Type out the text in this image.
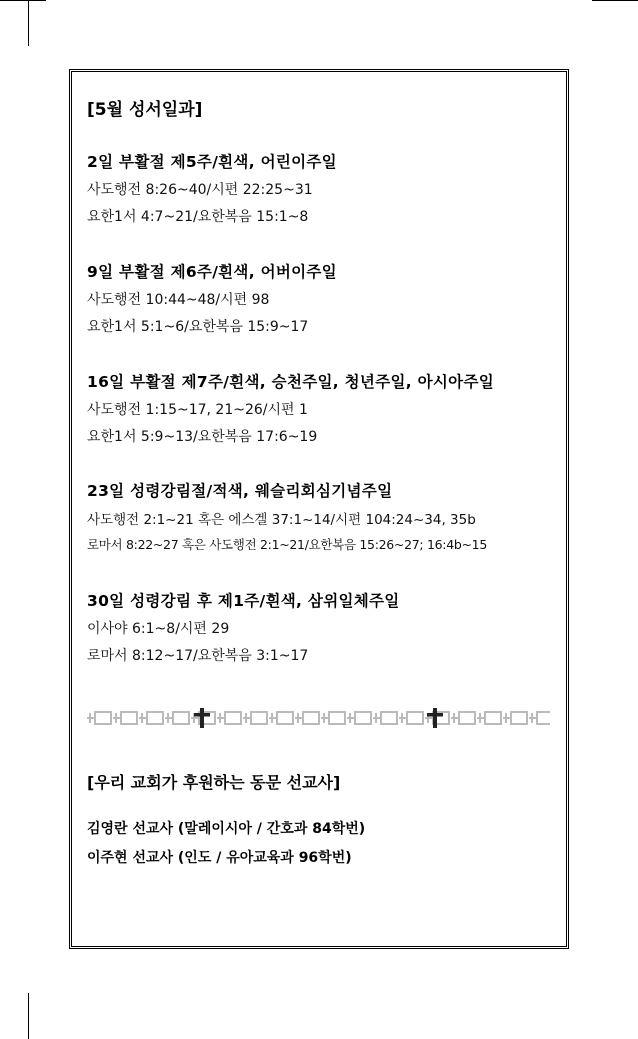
[5월 성서일과]
2일 부활절 제5주/흰색, 어린이주일
사도행전 8:26~40/시편 22:25~31
요한1서 4:7~21/요한복음 15:1~8
9일 부활절 제6주/흰색, 어버이주일
사도행전 10:44~48/시편 98
요한1서 5:1~6/요한복음 15:9~17
16일 부활절 제7주/흰색, 승천주일, 청년주일, 아시아주일
사도행전 1:15~17, 21~26/시편 1
요한1서 5:9~13/요한복음 17:6~19
23일 성령강림절/적색, 웨슬리회심기념주일
사도행전 2:1~21 혹은 에스겔 37:1~14/시편 104:24~34, 35b
로마서 8:22~27 혹은 사도행전 2:1~21/요한복음 15:26~27; 16:4b~15
30일 성령강림 후 제1주/흰색, 삼위일체주일
이사야 6:1~8/시편 29
로마서 8:12~17/요한복음 3:1~17
[우리 교회가 후원하는 동문 선교사]
김영란 선교사 (말레이시아 / 간호과 84학번)
이주현 선교사 (인도 / 유아교육과 96학번)
